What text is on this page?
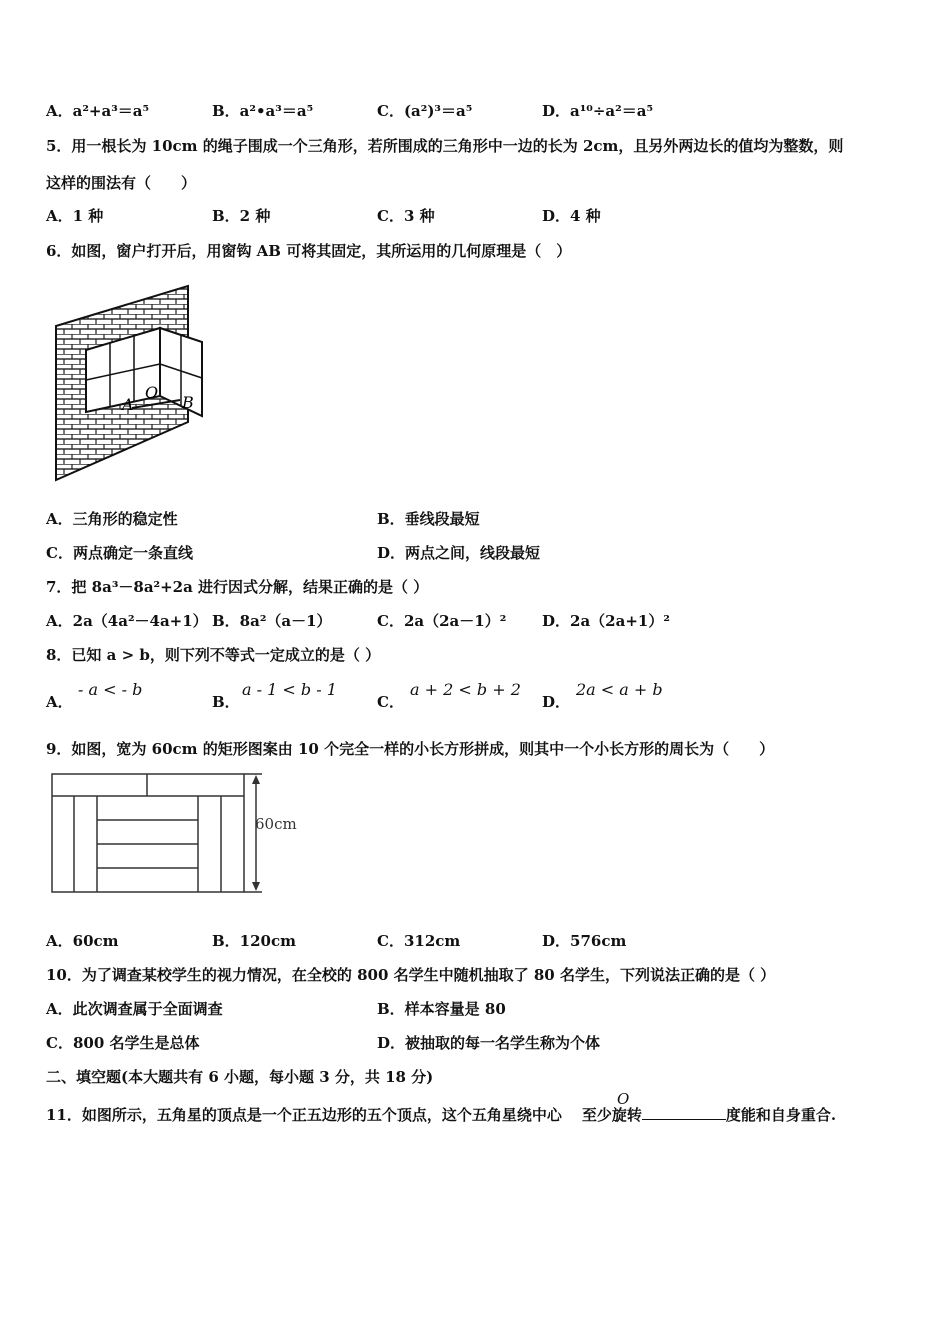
A．a²+a³＝a⁵	B．a²•a³＝a⁵	C．(a²)³＝a⁵	D．a¹⁰÷a²＝a⁵
5．用一根长为 10cm 的绳子围成一个三角形，若所围成的三角形中一边的长为 2cm，且另外两边长的值均为整数，则
这样的围法有（　　）
A．1 种	B．2 种	C．3 种	D．4 种
6．如图，窗户打开后，用窗钩 AB 可将其固定，其所运用的几何原理是（　）
A
O
B
A．三角形的稳定性	B．垂线段最短
C．两点确定一条直线	D．两点之间，线段最短
7．把 8a³－8a²+2a 进行因式分解，结果正确的是（ ）
A．2a（4a²－4a+1） B．8a²（a－1）	C．2a（2a－1）² D．2a（2a+1）²
8．已知 a > b，则下列不等式一定成立的是（ ）
A．
- a < - b
B．
a - 1 < b - 1
C．
a + 2 < b + 2
D．
2a < a + b
9．如图，宽为 60cm 的矩形图案由 10 个完全一样的小长方形拼成，则其中一个小长方形的周长为（　　）
60cm
A．60cm	B．120cm	C．312cm	D．576cm
10．为了调查某校学生的视力情况，在全校的 800 名学生中随机抽取了 80 名学生，下列说法正确的是（ ）
A．此次调查属于全面调查	B．样本容量是 80
C．800 名学生是总体	D．被抽取的每一名学生称为个体
二、填空题(本大题共有 6 小题，每小题 3 分，共 18 分)
11．如图所示，五角星的顶点是一个正五边形的五个顶点，这个五角星绕中心 至少旋转	度能和自身重合.
O
